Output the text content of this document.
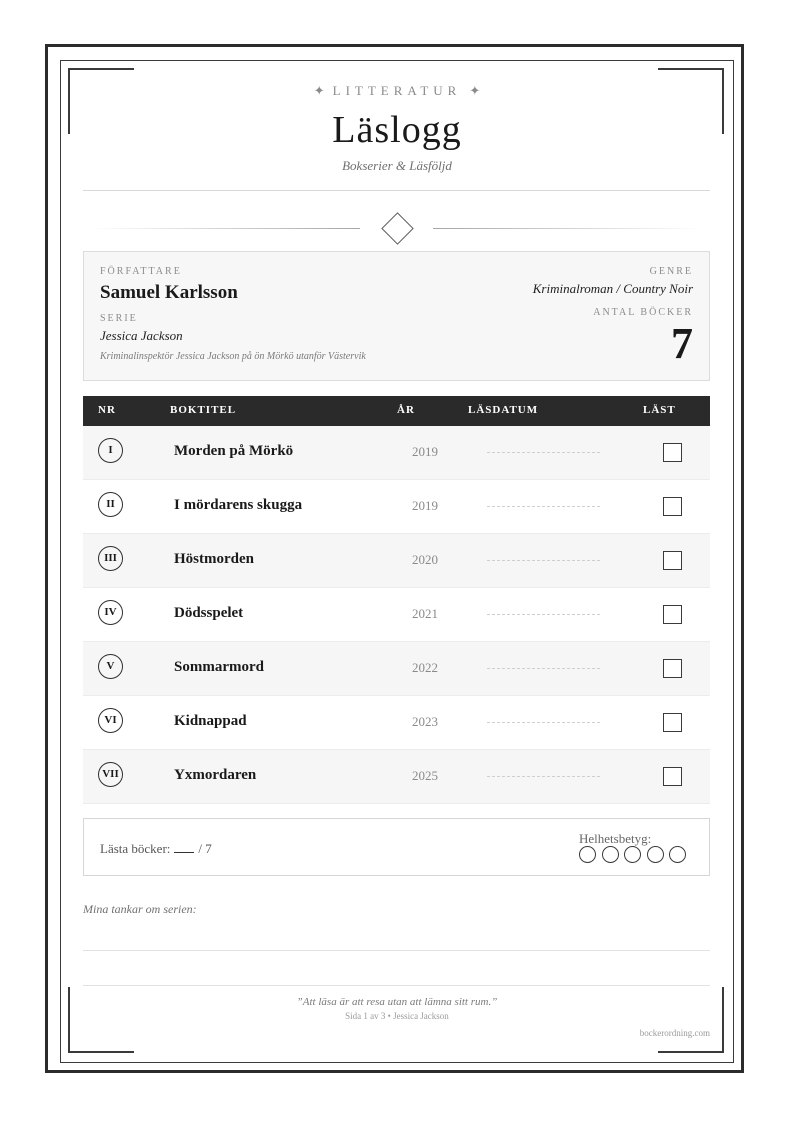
✦ LITTERATUR ✦
Läslogg
Bokserier & Läsföljd
FÖRFATTARE
Samuel Karlsson
SERIE
Jessica Jackson
Kriminalinspektör Jessica Jackson på ön Mörkö utanför Västervik
GENRE
Kriminalroman / Country Noir
ANTAL BÖCKER
7
NR	BOKTITEL	ÅR	LÄSDATUM	LÄST
I	Morden på Mörkö	2019
II	I mördarens skugga	2019
III	Höstmorden	2020
IV	Dödsspelet	2021
V	Sommarmord	2022
VI	Kidnappad	2023
VII	Yxmordaren	2025
Lästa böcker: / 7
Helhetsbetyg:
Mina tankar om serien:
”Att läsa är att resa utan att lämna sitt rum.”
Sida 1 av 3 • Jessica Jackson
bockerordning.com
